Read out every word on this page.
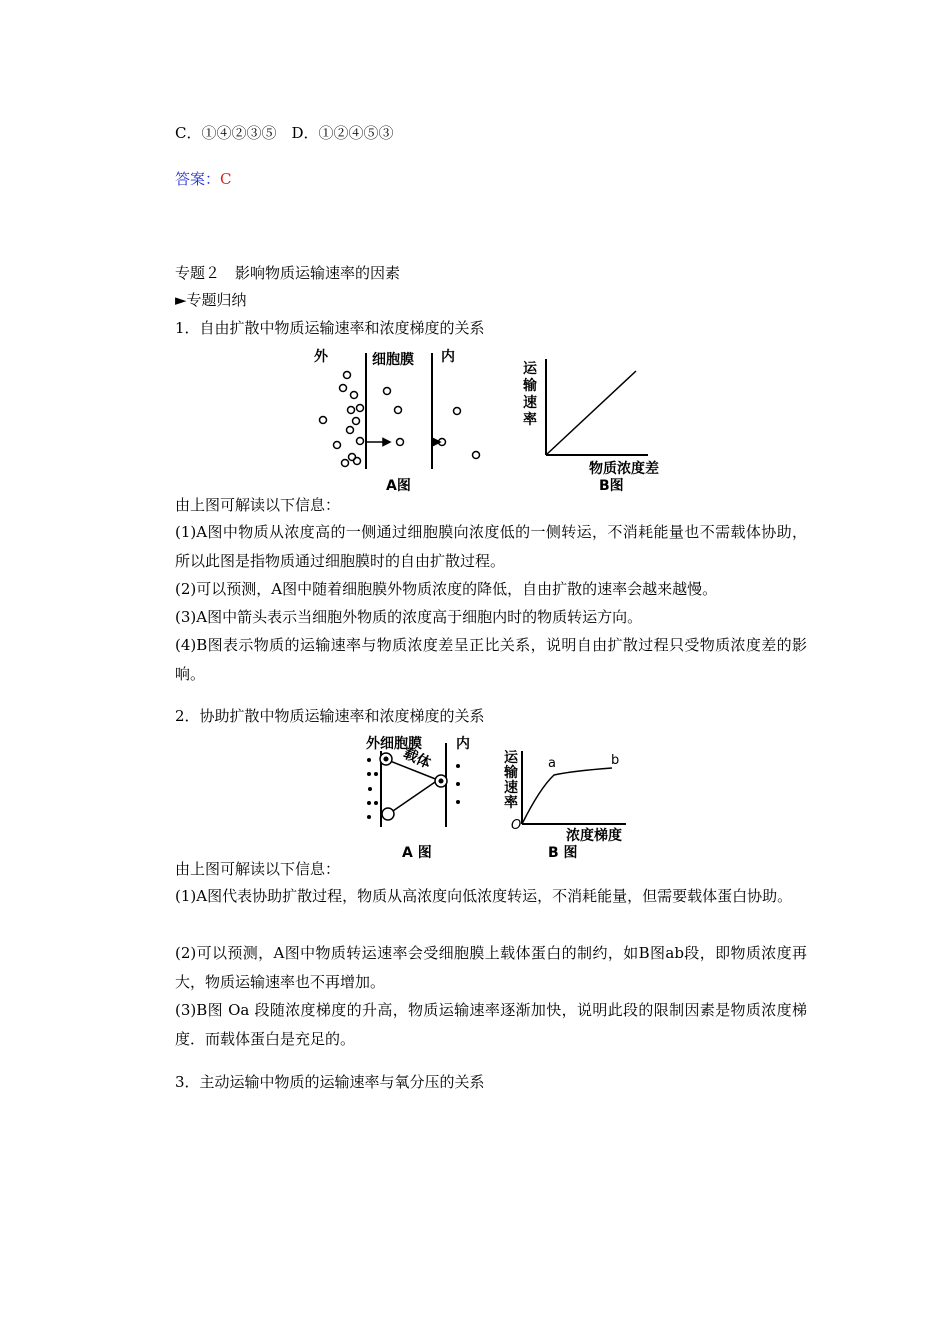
C．①④②③⑤　D．①②④⑤③
答案：C
专题２　影响物质运输速率的因素
►专题归纳
1．自由扩散中物质运输速率和浓度梯度的关系
外	细胞膜 内
A图
运
输
速
率
物质浓度差
B图
由上图可解读以下信息：
(1)A图中物质从浓度高的一侧通过细胞膜向浓度低的一侧转运，不消耗能量也不需载体协助，所以此图是指物质通过细胞膜时的自由扩散过程。
(2)可以预测，A图中随着细胞膜外物质浓度的降低，自由扩散的速率会越来越慢。
(3)A图中箭头表示当细胞外物质的浓度高于细胞内时的物质转运方向。
(4)B图表示物质的运输速率与物质浓度差呈正比关系，说明自由扩散过程只受物质浓度差的影响。
2．协助扩散中物质运输速率和浓度梯度的关系
外 细胞膜 内
载体
A 图
运
输
速
率
O
a	b
浓度梯度
B 图
由上图可解读以下信息：
(1)A图代表协助扩散过程，物质从高浓度向低浓度转运，不消耗能量，但需要载体蛋白协助。
(2)可以预测，A图中物质转运速率会受细胞膜上载体蛋白的制约，如B图ab段，即物质浓度再大，物质运输速率也不再增加。
(3)B图 Oa 段随浓度梯度的升高，物质运输速率逐渐加快，说明此段的限制因素是物质浓度梯度．而载体蛋白是充足的。
3．主动运输中物质的运输速率与氧分压的关系
